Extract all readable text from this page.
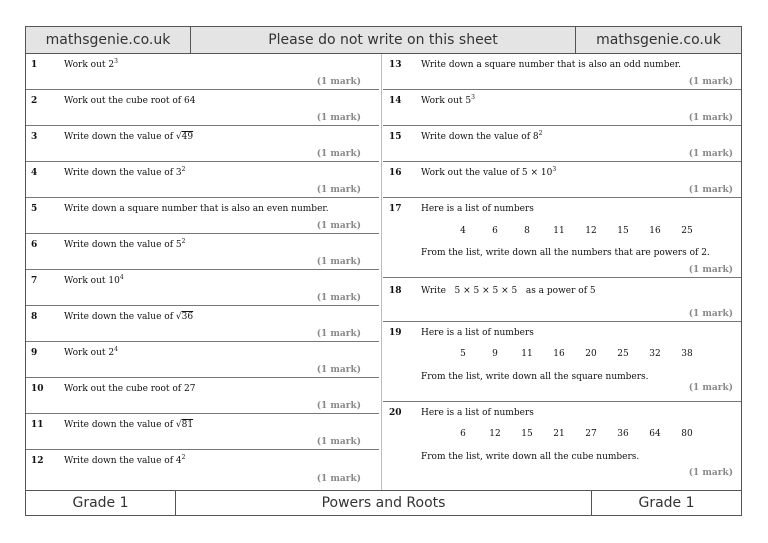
mathsgenie.co.uk	Please do not write on this sheet	mathsgenie.co.uk
1	Work out $2^3$
(1 mark)
2	Work out the cube root of 64
(1 mark)
3	Write down the value of √49
(1 mark)
4	Write down the value of $3^2$
(1 mark)
5	Write down a square number that is also an even number.
(1 mark)
6	Write down the value of $5^2$
(1 mark)
7	Work out $10^4$
(1 mark)
8	Write down the value of √36
(1 mark)
9	Work out $2^4$
(1 mark)
10 Work out the cube root of 27
(1 mark)
11 Write down the value of √81
(1 mark)
12 Write down the value of $4^2$
(1 mark)
13 Write down a square number that is also an odd number.
(1 mark)
14 Work out $5^3$
(1 mark)
15 Write down the value of $8^2$
(1 mark)
16 Work out the value of $5 \times 10^3$
(1 mark)
17 Here is a list of numbers
4	6	8	11	12	15	16	25
From the list, write down all the numbers that are powers of 2.
(1 mark)
18 Write   5 × 5 × 5 × 5   as a power of 5
(1 mark)
19 Here is a list of numbers
5	9	11	16	20	25	32	38
From the list, write down all the square numbers.
(1 mark)
20 Here is a list of numbers
6	12	15	21	27	36	64	80
From the list, write down all the cube numbers.
(1 mark)
Grade 1	Powers and Roots	Grade 1
